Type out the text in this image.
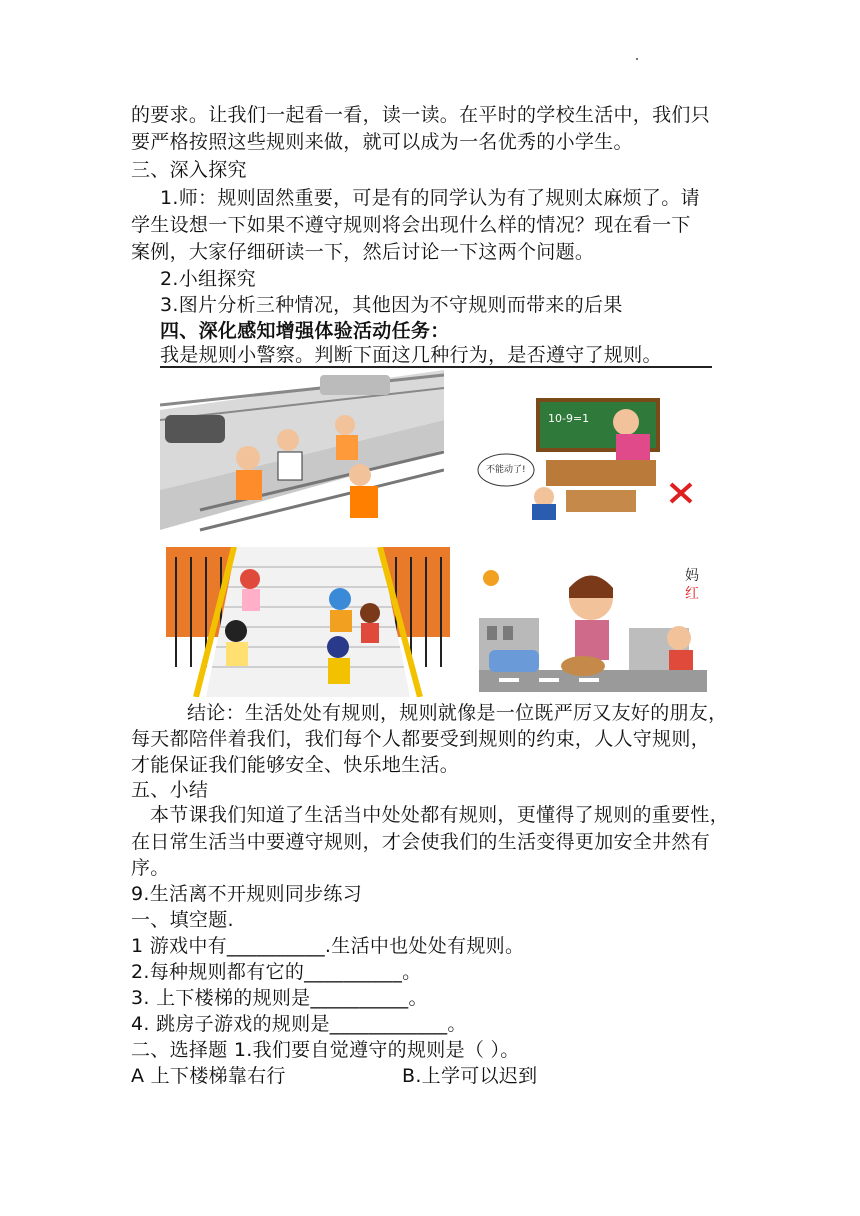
的要求。让我们一起看一看，读一读。在平时的学校生活中，我们只
要严格按照这些规则来做，就可以成为一名优秀的小学生。
三、深入探究
1.师：规则固然重要，可是有的同学认为有了规则太麻烦了。请
学生设想一下如果不遵守规则将会出现什么样的情况？现在看一下
案例，大家仔细研读一下，然后讨论一下这两个问题。
2.小组探究
3.图片分析三种情况，其他因为不守规则而带来的后果
四、深化感知增强体验活动任务：
我是规则小警察。判断下面这几种行为，是否遵守了规则。
10-9=1
不能动了!
妈
红
结论：生活处处有规则，规则就像是一位既严厉又友好的朋友，
每天都陪伴着我们，我们每个人都要受到规则的约束，人人守规则，
才能保证我们能够安全、快乐地生活。
五、小结
本节课我们知道了生活当中处处都有规则，更懂得了规则的重要性，
在日常生活当中要遵守规则，才会使我们的生活变得更加安全井然有
序。
9.生活离不开规则同步练习
一、填空题.
1 游戏中有__________.生活中也处处有规则。
2.每种规则都有它的__________。
3. 上下楼梯的规则是__________。
4. 跳房子游戏的规则是____________。
二、选择题 1.我们要自觉遵守的规则是（ ）。
A 上下楼梯靠右行	B.上学可以迟到
